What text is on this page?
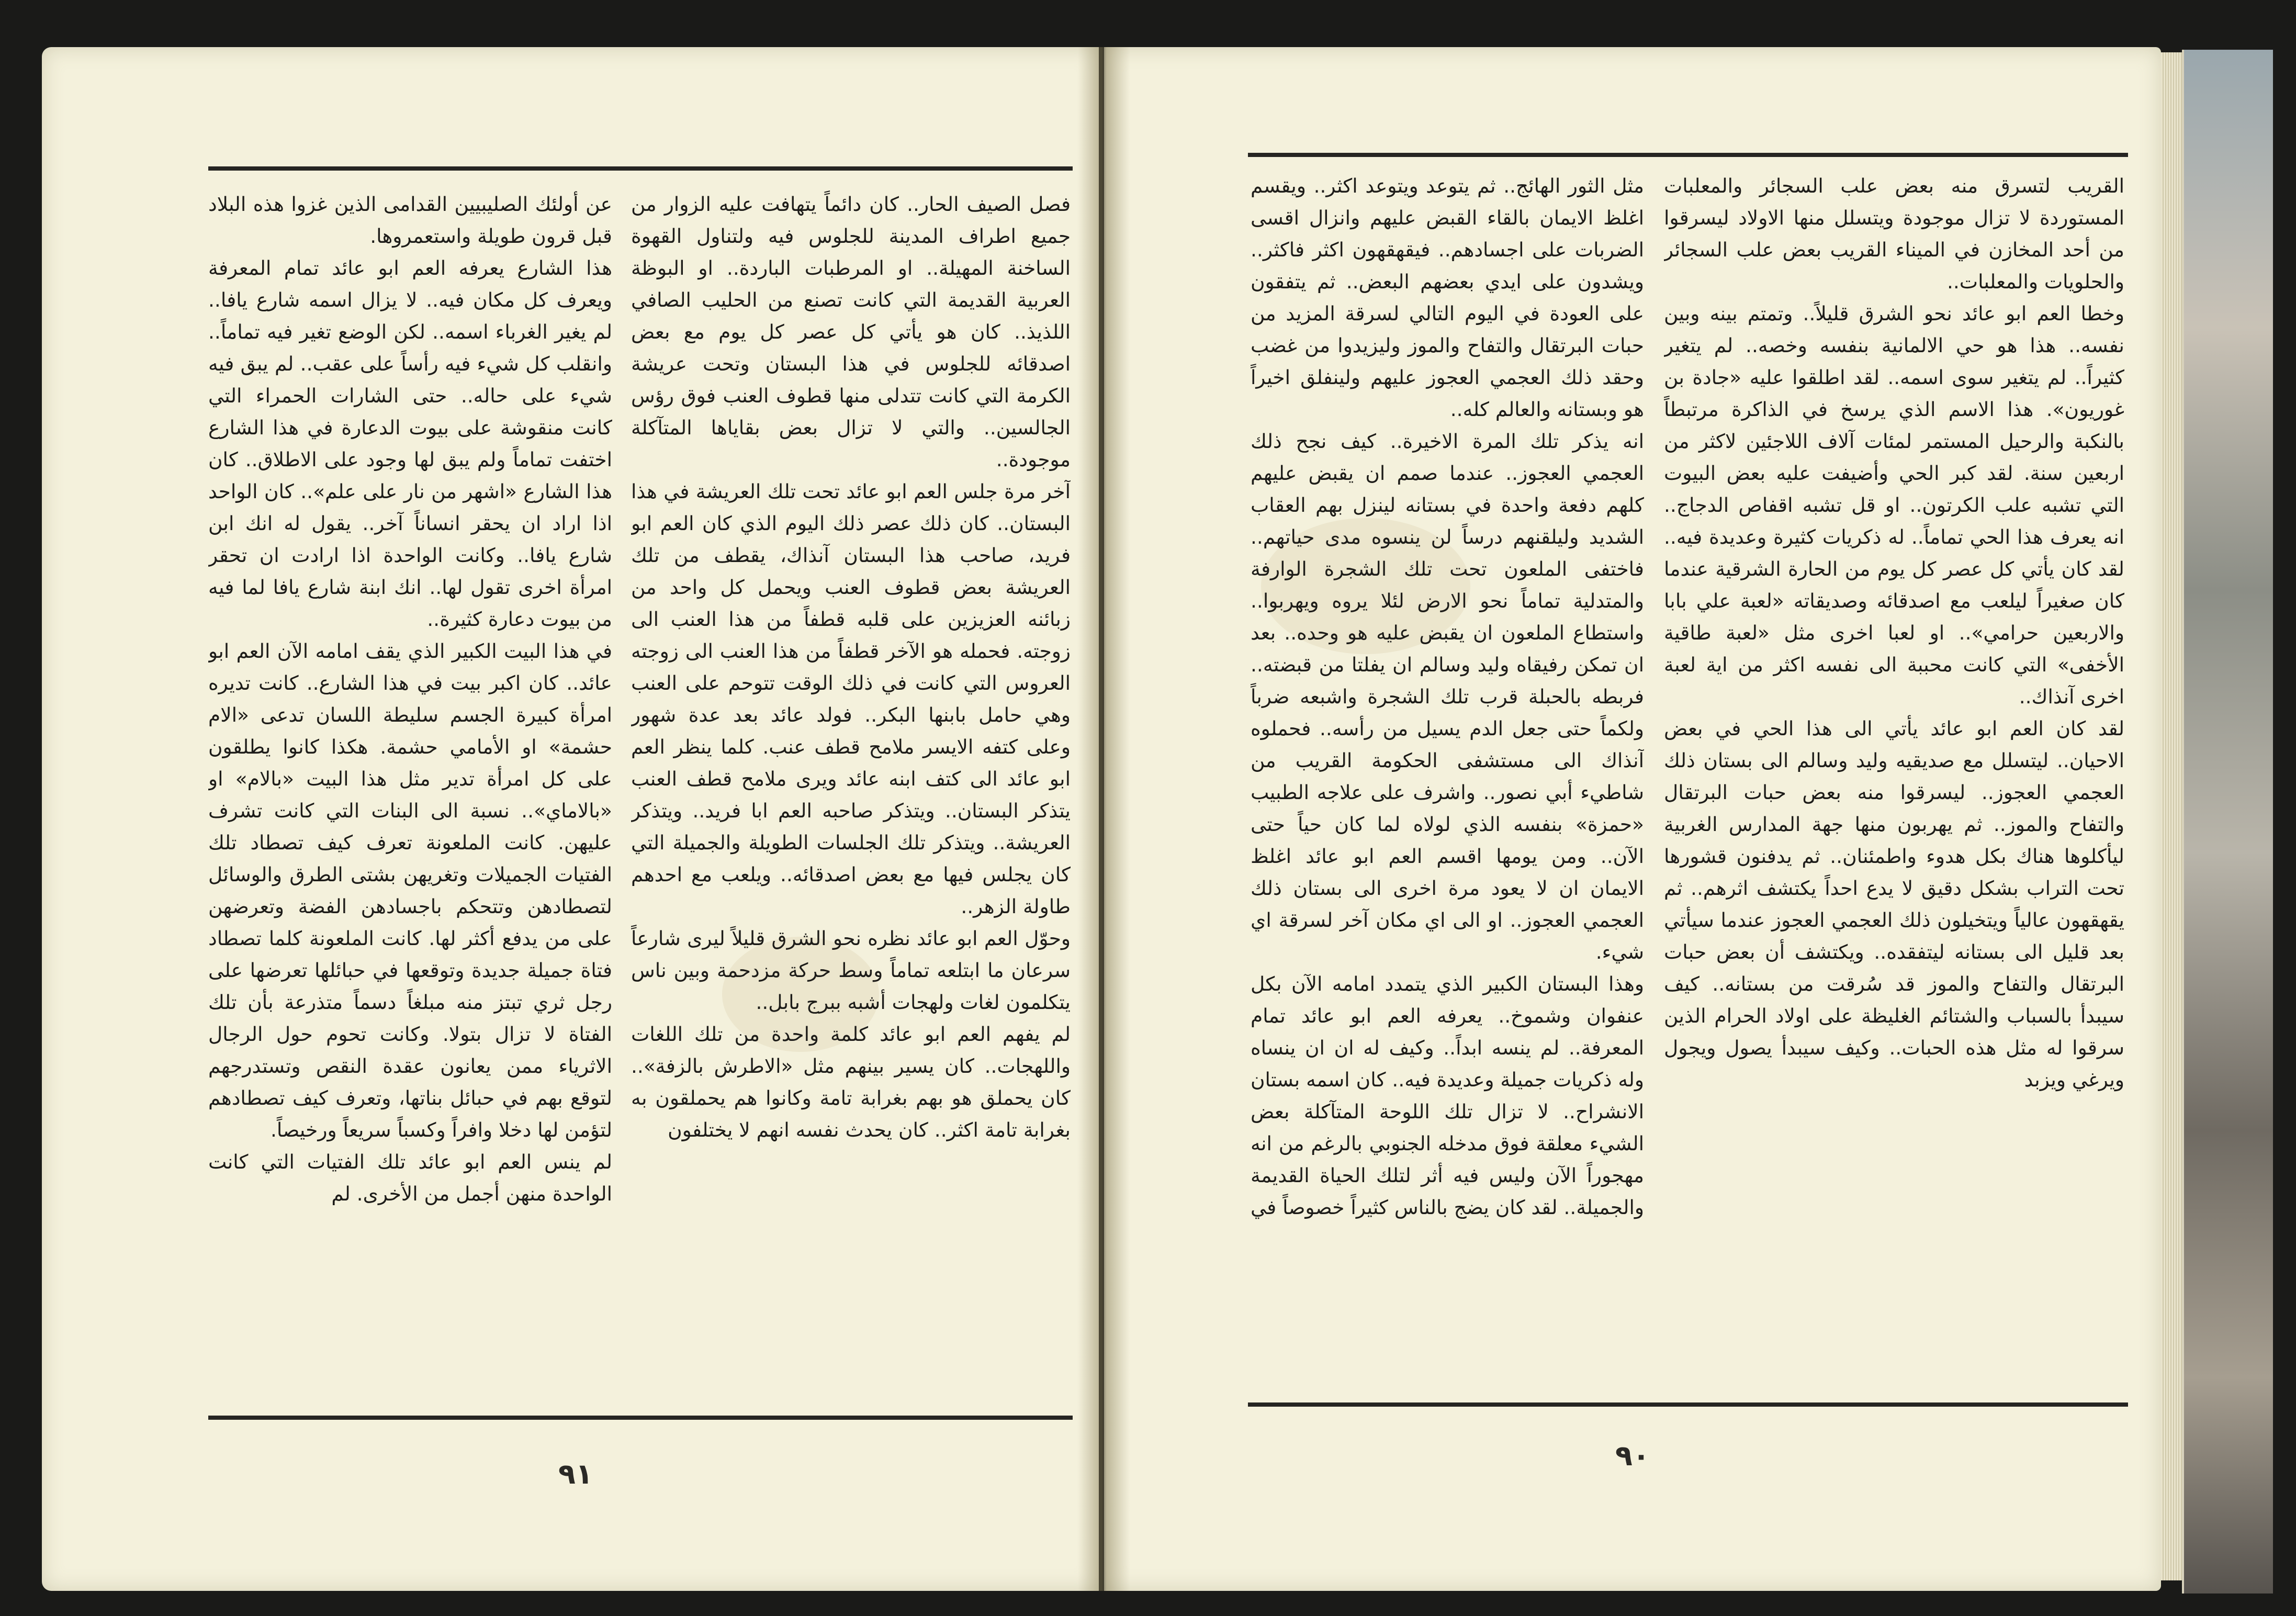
فصل الصيف الحار.. كان دائماً يتهافت عليه الزوار من جميع اطراف المدينة للجلوس فيه ولتناول القهوة الساخنة المهيلة.. او المرطبات الباردة.. او البوظة العربية القديمة التي كانت تصنع من الحليب الصافي اللذيذ.. كان هو يأتي كل عصر كل يوم مع بعض اصدقائه للجلوس في هذا البستان وتحت عريشة الكرمة التي كانت تتدلى منها قطوف العنب فوق رؤس الجالسين.. والتي لا تزال بعض بقاياها المتآكلة موجودة..

آخر مرة جلس العم ابو عائد تحت تلك العريشة في هذا البستان.. كان ذلك عصر ذلك اليوم الذي كان العم ابو فريد، صاحب هذا البستان آنذاك، يقطف من تلك العريشة بعض قطوف العنب ويحمل كل واحد من زبائنه العزيزين على قلبه قطفاً من هذا العنب الى زوجته. فحمله هو الآخر قطفاً من هذا العنب الى زوجته العروس التي كانت في ذلك الوقت تتوحم على العنب وهي حامل بابنها البكر.. فولد عائد بعد عدة شهور وعلى كتفه الايسر ملامح قطف عنب. كلما ينظر العم ابو عائد الى كتف ابنه عائد ويرى ملامح قطف العنب يتذكر البستان.. ويتذكر صاحبه العم ابا فريد.. ويتذكر العريشة.. ويتذكر تلك الجلسات الطويلة والجميلة التي كان يجلس فيها مع بعض اصدقائه.. ويلعب مع احدهم طاولة الزهر..

وحوّل العم ابو عائد نظره نحو الشرق قليلاً ليرى شارعاً سرعان ما ابتلعه تماماً وسط حركة مزدحمة وبين ناس يتكلمون لغات ولهجات أشبه ببرج بابل..

لم يفهم العم ابو عائد كلمة واحدة من تلك اللغات واللهجات.. كان يسير بينهم مثل «الاطرش بالزفة».. كان يحملق هو بهم بغرابة تامة وكانوا هم يحملقون به بغرابة تامة اكثر.. كان يحدث نفسه انهم لا يختلفون

عن أولئك الصليبيين القدامى الذين غزوا هذه البلاد قبل قرون طويلة واستعمروها.

هذا الشارع يعرفه العم ابو عائد تمام المعرفة ويعرف كل مكان فيه.. لا يزال اسمه شارع يافا.. لم يغير الغرباء اسمه.. لكن الوضع تغير فيه تماماً.. وانقلب كل شيء فيه رأساً على عقب.. لم يبق فيه شيء على حاله.. حتى الشارات الحمراء التي كانت منقوشة على بيوت الدعارة في هذا الشارع اختفت تماماً ولم يبق لها وجود على الاطلاق.. كان هذا الشارع «اشهر من نار على علم».. كان الواحد اذا اراد ان يحقر انساناً آخر.. يقول له انك ابن شارع يافا.. وكانت الواحدة اذا ارادت ان تحقر امرأة اخرى تقول لها.. انك ابنة شارع يافا لما فيه من بيوت دعارة كثيرة..

في هذا البيت الكبير الذي يقف امامه الآن العم ابو عائد.. كان اكبر بيت في هذا الشارع.. كانت تديره امرأة كبيرة الجسم سليطة اللسان تدعى «الام حشمة» او الأمامي حشمة. هكذا كانوا يطلقون على كل امرأة تدير مثل هذا البيت «بالام» او «بالاماي».. نسبة الى البنات التي كانت تشرف عليهن. كانت الملعونة تعرف كيف تصطاد تلك الفتيات الجميلات وتغريهن بشتى الطرق والوسائل لتصطادهن وتتحكم باجسادهن الفضة وتعرضهن على من يدفع أكثر لها. كانت الملعونة كلما تصطاد فتاة جميلة جديدة وتوقعها في حبائلها تعرضها على رجل ثري تبتز منه مبلغاً دسماً متذرعة بأن تلك الفتاة لا تزال بتولا. وكانت تحوم حول الرجال الاثرياء ممن يعانون عقدة النقص وتستدرجهم لتوقع بهم في حبائل بناتها، وتعرف كيف تصطادهم لتؤمن لها دخلا وافراً وكسباً سريعاً ورخيصاً.

لم ينس العم ابو عائد تلك الفتيات التي كانت الواحدة منهن أجمل من الأخرى. لم

٩١

القريب لتسرق منه بعض علب السجائر والمعلبات المستوردة لا تزال موجودة ويتسلل منها الاولاد ليسرقوا من أحد المخازن في الميناء القريب بعض علب السجائر والحلويات والمعلبات..

وخطا العم ابو عائد نحو الشرق قليلاً.. وتمتم بينه وبين نفسه.. هذا هو حي الالمانية بنفسه وخصه.. لم يتغير كثيراً.. لم يتغير سوى اسمه.. لقد اطلقوا عليه «جادة بن غوريون». هذا الاسم الذي يرسخ في الذاكرة مرتبطاً بالنكبة والرحيل المستمر لمئات آلاف اللاجئين لاكثر من اربعين سنة. لقد كبر الحي وأضيفت عليه بعض البيوت التي تشبه علب الكرتون.. او قل تشبه اقفاص الدجاج.. انه يعرف هذا الحي تماماً.. له ذكريات كثيرة وعديدة فيه.. لقد كان يأتي كل عصر كل يوم من الحارة الشرقية عندما كان صغيراً ليلعب مع اصدقائه وصديقاته «لعبة علي بابا والاربعين حرامي».. او لعبا اخرى مثل «لعبة طاقية الأخفى» التي كانت محببة الى نفسه اكثر من اية لعبة اخرى آنذاك..

لقد كان العم ابو عائد يأتي الى هذا الحي في بعض الاحيان.. ليتسلل مع صديقيه وليد وسالم الى بستان ذلك العجمي العجوز.. ليسرقوا منه بعض حبات البرتقال والتفاح والموز.. ثم يهربون منها جهة المدارس الغربية ليأكلوها هناك بكل هدوء واطمئنان.. ثم يدفنون قشورها تحت التراب بشكل دقيق لا يدع احداً يكتشف اثرهم.. ثم يقهقهون عالياً ويتخيلون ذلك العجمي العجوز عندما سيأتي بعد قليل الى بستانه ليتفقده.. ويكتشف أن بعض حبات البرتقال والتفاح والموز قد سُرقت من بستانه.. كيف سيبدأ بالسباب والشتائم الغليظة على اولاد الحرام الذين سرقوا له مثل هذه الحبات.. وكيف سيبدأ يصول ويجول ويرغي ويزبد

مثل الثور الهائج.. ثم يتوعد ويتوعد اكثر.. ويقسم اغلظ الايمان بالقاء القبض عليهم وانزال اقسى الضربات على اجسادهم.. فيقهقهون اكثر فاكثر.. ويشدون على ايدي بعضهم البعض.. ثم يتفقون على العودة في اليوم التالي لسرقة المزيد من حبات البرتقال والتفاح والموز وليزيدوا من غضب وحقد ذلك العجمي العجوز عليهم ولينفلق اخيراً هو وبستانه والعالم كله..

انه يذكر تلك المرة الاخيرة.. كيف نجح ذلك العجمي العجوز.. عندما صمم ان يقبض عليهم كلهم دفعة واحدة في بستانه لينزل بهم العقاب الشديد وليلقنهم درساً لن ينسوه مدى حياتهم.. فاختفى الملعون تحت تلك الشجرة الوارفة والمتدلية تماماً نحو الارض لئلا يروه ويهربوا.. واستطاع الملعون ان يقبض عليه هو وحده.. بعد ان تمكن رفيقاه وليد وسالم ان يفلتا من قبضته.. فربطه بالحبلة قرب تلك الشجرة واشبعه ضرباً ولكماً حتى جعل الدم يسيل من رأسه.. فحملوه آنذاك الى مستشفى الحكومة القريب من شاطيء أبي نصور.. واشرف على علاجه الطبيب «حمزة» بنفسه الذي لولاه لما كان حياً حتى الآن.. ومن يومها اقسم العم ابو عائد اغلظ الايمان ان لا يعود مرة اخرى الى بستان ذلك العجمي العجوز.. او الى اي مكان آخر لسرقة اي شيء.

وهذا البستان الكبير الذي يتمدد امامه الآن بكل عنفوان وشموخ.. يعرفه العم ابو عائد تمام المعرفة.. لم ينسه ابداً.. وكيف له ان ان ينساه وله ذكريات جميلة وعديدة فيه.. كان اسمه بستان الانشراح.. لا تزال تلك اللوحة المتآكلة بعض الشيء معلقة فوق مدخله الجنوبي بالرغم من انه مهجوراً الآن وليس فيه أثر لتلك الحياة القديمة والجميلة.. لقد كان يضج بالناس كثيراً خصوصاً في

٩٠
